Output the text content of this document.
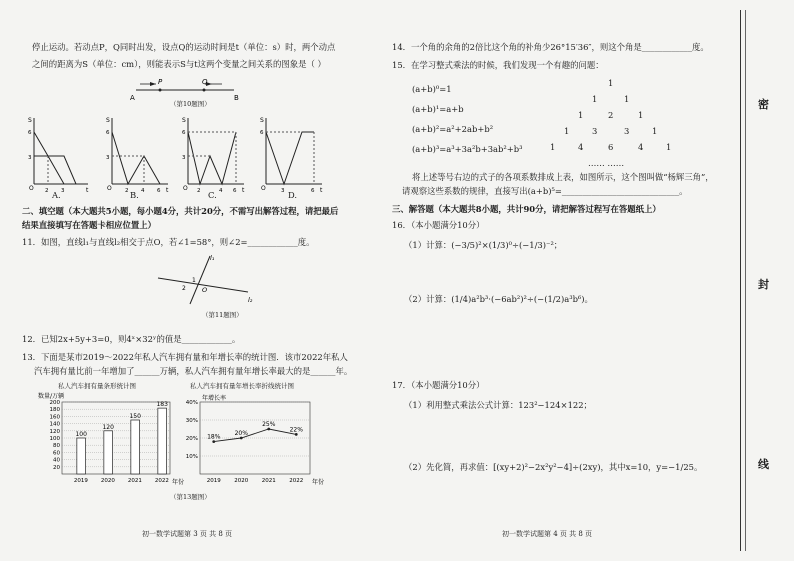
停止运动。若动点P，Q同时出发，设点Q的运动时间是t（单位：s）时，两个动点
之间的距离为S（单位：cm），则能表示S与t这两个变量之间关系的图象是（ ）
A	B
P	Q
（第10题图）
S
O	t
6
3
2 3
S
O	t
6
3
2 4 6
S
O	t
6
3
2	4 6
S
O	t
6
3	6
A.	B.	C.	D.
二、填空题（本大题共5小题，每小题4分，共计20分，不需写出解答过程，请把最后
结果直接填写在答题卡相应位置上）
11．如图，直线l₁与直线l₂相交于点O，若∠1=58°，则∠2=____________度。
l₁
l₂
O
1
2
（第11题图）
12．已知2x+5y+3=0，则4ˣ×32ʸ的值是____________。
13．下面是某市2019～2022年私人汽车拥有量和年增长率的统计图．该市2022年私人
汽车拥有量比前一年增加了______万辆，私人汽车拥有量年增长率最大的是______年。
私人汽车拥有量条形统计图
20
40
60
80
100
120
140
160
180
200
数量/万辆
年份
100
2019
120
2020
150
2021
183
2022
私人汽车拥有量年增长率折线统计图
10%
20%
30%
40%
年增长率
年份
18%
2019
20%
2020
25%
2021
22%
2022
（第13题图）
初一数学试题第 3 页 共 8 页
14．一个角的余角的2倍比这个角的补角少26°15′36″，则这个角是____________度。
15．在学习整式乘法的时候，我们发现一个有趣的问题：
(a+b)⁰=1
(a+b)¹=a+b
(a+b)²=a²+2ab+b²
(a+b)³=a³+3a²b+3ab²+b³
1
1	1
1	2	1
1	3	3	1
1	4	6	4	1
…… ……
将上述等号右边的式子的各项系数排成上表，如图所示，这个图叫做“杨辉三角”，
请观察这些系数的规律，直接写出(a+b)⁵=____________________________。
三、解答题（本大题共8小题，共计90分，请把解答过程写在答题纸上）
16．（本小题满分10分）
（1）计算：(−3/5)²×(1/3)⁰÷(−1/3)⁻²；
（2）计算：(1/4)a²b³·(−6ab²)²÷(−(1/2)a³b⁶)。
17．（本小题满分10分）
（1）利用整式乘法公式计算：123²−124×122；
（2）先化简，再求值：[(xy+2)²−2x²y²−4]÷(2xy)，其中x=10，y=−1/25。
初一数学试题第 4 页 共 8 页
密
封
线
